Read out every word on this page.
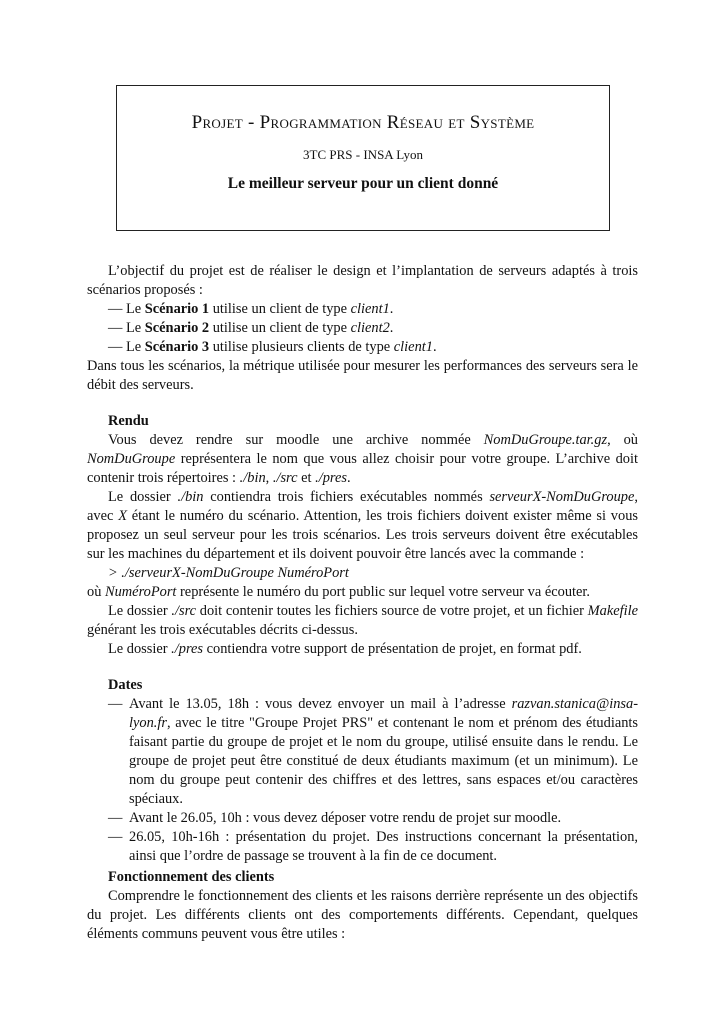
Projet - Programmation Réseau et Système
3TC PRS - INSA Lyon
Le meilleur serveur pour un client donné

L’objectif du projet est de réaliser le design et l’implantation de serveurs adaptés à trois scénarios proposés :

— Le Scénario 1 utilise un client de type client1.

— Le Scénario 2 utilise un client de type client2.

— Le Scénario 3 utilise plusieurs clients de type client1.

Dans tous les scénarios, la métrique utilisée pour mesurer les performances des serveurs sera le débit des serveurs.

Rendu

Vous devez rendre sur moodle une archive nommée NomDuGroupe.tar.gz, où NomDuGroupe représentera le nom que vous allez choisir pour votre groupe. L’archive doit contenir trois répertoires : ./bin, ./src et ./pres.

Le dossier ./bin contiendra trois fichiers exécutables nommés serveurX-NomDuGroupe, avec X étant le numéro du scénario. Attention, les trois fichiers doivent exister même si vous proposez un seul serveur pour les trois scénarios. Les trois serveurs doivent être exécutables sur les machines du département et ils doivent pouvoir être lancés avec la commande :

> ./serveurX-NomDuGroupe NuméroPort

où NuméroPort représente le numéro du port public sur lequel votre serveur va écouter.

Le dossier ./src doit contenir toutes les fichiers source de votre projet, et un fichier Makefile générant les trois exécutables décrits ci-dessus.

Le dossier ./pres contiendra votre support de présentation de projet, en format pdf.

Dates

— Avant le 13.05, 18h : vous devez envoyer un mail à l’adresse razvan.stanica@insa-lyon.fr, avec le titre "Groupe Projet PRS" et contenant le nom et prénom des étudiants faisant partie du groupe de projet et le nom du groupe, utilisé ensuite dans le rendu. Le groupe de projet peut être constitué de deux étudiants maximum (et un minimum). Le nom du groupe peut contenir des chiffres et des lettres, sans espaces et/ou caractères spéciaux.
— Avant le 26.05, 10h : vous devez déposer votre rendu de projet sur moodle.
— 26.05, 10h-16h : présentation du projet. Des instructions concernant la présentation, ainsi que l’ordre de passage se trouvent à la fin de ce document.

Fonctionnement des clients

Comprendre le fonctionnement des clients et les raisons derrière représente un des objectifs du projet. Les différents clients ont des comportements différents. Cependant, quelques éléments communs peuvent vous être utiles :
